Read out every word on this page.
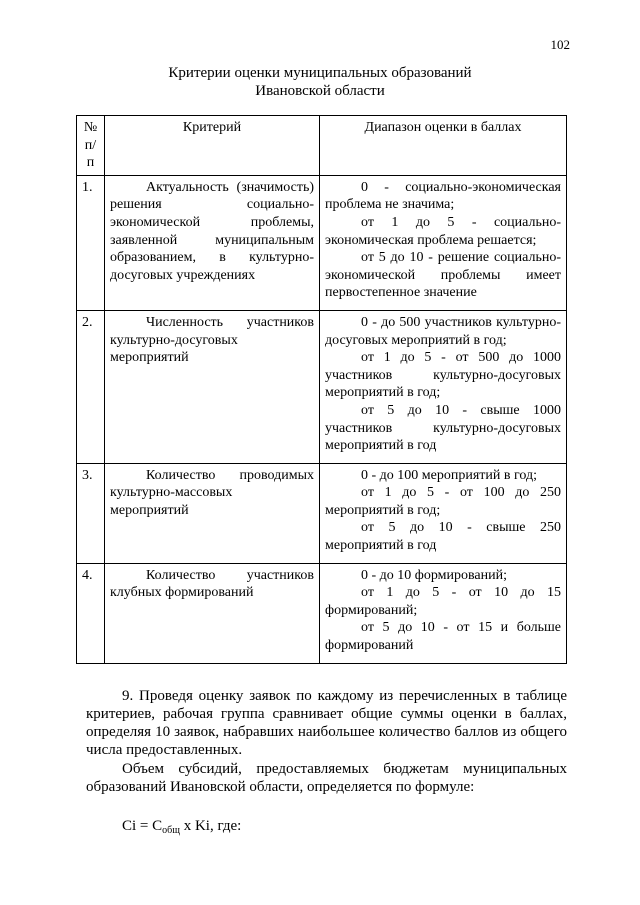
102
Критерии оценки муниципальных образований
Ивановской области
№ п/п	Критерий	Диапазон оценки в баллах
1.	Актуальность (значимость) решения социально-экономической проблемы, заявленной муниципальным образованием, в культурно-досуговых учреждениях	0 - социально-экономическая проблема не значима;

от 1 до 5 - социально-экономическая проблема решается;

от 5 до 10 - решение социально-экономической проблемы имеет первостепенное значение

2.	Численность участников культурно-досуговых мероприятий	0 - до 500 участников культурно-досуговых мероприятий в год;

от 1 до 5 - от 500 до 1000 участников культурно-досуговых мероприятий в год;

от 5 до 10 - свыше 1000 участников культурно-досуговых мероприятий в год

3.	Количество проводимых культурно-массовых мероприятий	0 - до 100 мероприятий в год;

от 1 до 5 - от 100 до 250 мероприятий в год;

от 5 до 10 - свыше 250 мероприятий в год

4.	Количество участников клубных формирований	0 - до 10 формирований;

от 1 до 5 - от 10 до 15 формирований;

от 5 до 10 - от 15 и больше формирований

9. Проведя оценку заявок по каждому из перечисленных в таблице критериев, рабочая группа сравнивает общие суммы оценки в баллах, определяя 10 заявок, набравших наибольшее количество баллов из общего числа предоставленных.

Объем субсидий, предоставляемых бюджетам муниципальных образований Ивановской области, определяется по формуле:

$Ci = C_{общ}$ x Ki, где:
